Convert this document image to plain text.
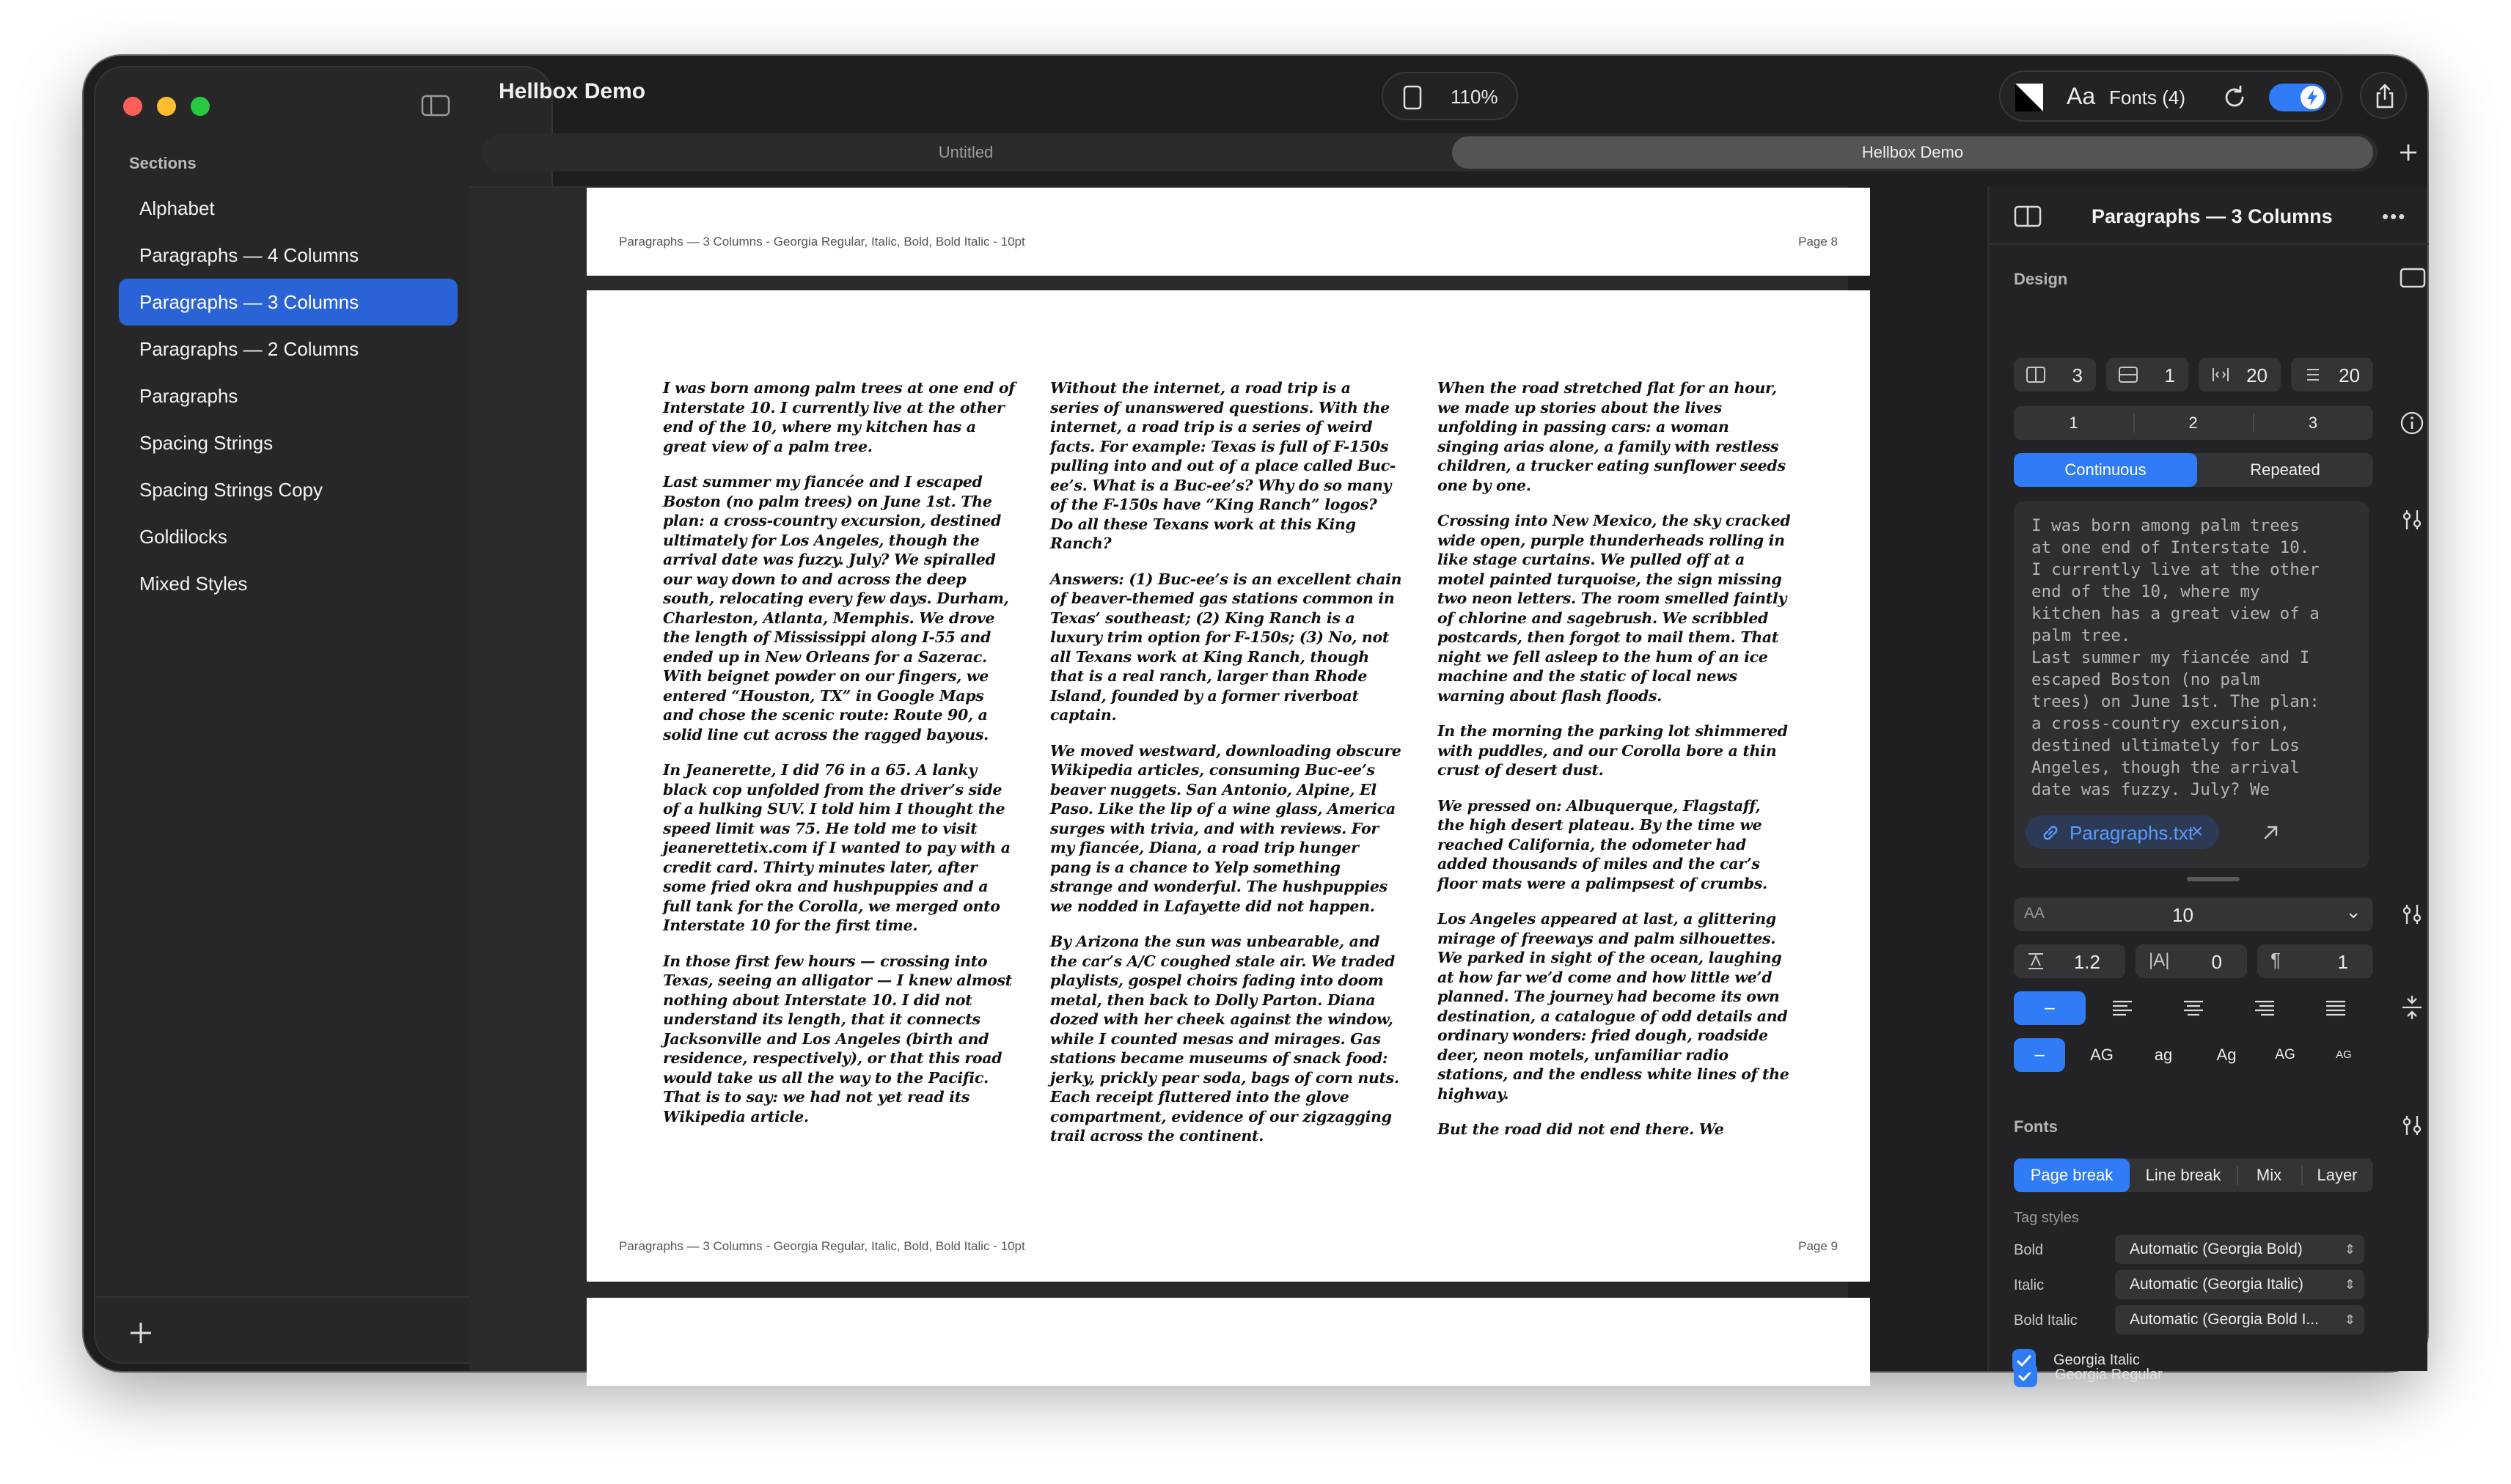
Sections
Alphabet
Paragraphs — 4 Columns
Paragraphs — 3 Columns
Paragraphs — 2 Columns
Paragraphs
Spacing Strings
Spacing Strings Copy
Goldilocks
Mixed Styles
Hellbox Demo	110%	Aa Fonts (4)
Untitled	Hellbox Demo
Paragraphs — 3 Columns - Georgia Regular, Italic, Bold, Bold Italic - 10pt	Page 8

I was born among palm trees at one end of Interstate 10. I currently live at the other end of the 10, where my kitchen has a great view of a palm tree.

Last summer my fiancée and I escaped Boston (no palm trees) on June 1st. The plan: a cross-country excursion, destined ultimately for Los Angeles, though the arrival date was fuzzy. July? We spiralled our way down to and across the deep south, relocating every few days. Durham, Charleston, Atlanta, Memphis. We drove the length of Mississippi along I-55 and ended up in New Orleans for a Sazerac. With beignet powder on our fingers, we entered “Houston, TX” in Google Maps and chose the scenic route: Route 90, a solid line cut across the ragged bayous.

In Jeanerette, I did 76 in a 65. A lanky black cop unfolded from the driver’s side of a hulking SUV. I told him I thought the speed limit was 75. He told me to visit jeanerettetix.com if I wanted to pay with a credit card. Thirty minutes later, after some fried okra and hushpuppies and a full tank for the Corolla, we merged onto Interstate 10 for the first time.

In those first few hours — crossing into Texas, seeing an alligator — I knew almost nothing about Interstate 10. I did not understand its length, that it connects Jacksonville and Los Angeles (birth and residence, respectively), or that this road would take us all the way to the Pacific. That is to say: we had not yet read its Wikipedia article.

Without the internet, a road trip is a series of unanswered questions. With the internet, a road trip is a series of weird facts. For example: Texas is full of F-150s pulling into and out of a place called Buc-ee’s. What is a Buc-ee’s? Why do so many of the F-150s have “King Ranch” logos? Do all these Texans work at this King Ranch?

Answers: (1) Buc-ee’s is an excellent chain of beaver-themed gas stations common in Texas’ southeast; (2) King Ranch is a luxury trim option for F-150s; (3) No, not all Texans work at King Ranch, though that is a real ranch, larger than Rhode Island, founded by a former riverboat captain.

We moved westward, downloading obscure Wikipedia articles, consuming Buc-ee’s beaver nuggets. San Antonio, Alpine, El Paso. Like the lip of a wine glass, America surges with trivia, and with reviews. For my fiancée, Diana, a road trip hunger pang is a chance to Yelp something strange and wonderful. The hushpuppies we nodded in Lafayette did not happen.

By Arizona the sun was unbearable, and the car’s A/C coughed stale air. We traded playlists, gospel choirs fading into doom metal, then back to Dolly Parton. Diana dozed with her cheek against the window, while I counted mesas and mirages. Gas stations became museums of snack food: jerky, prickly pear soda, bags of corn nuts. Each receipt fluttered into the glove compartment, evidence of our zigzagging trail across the continent.

When the road stretched flat for an hour, we made up stories about the lives unfolding in passing cars: a woman singing arias alone, a family with restless children, a trucker eating sunflower seeds one by one.

Crossing into New Mexico, the sky cracked wide open, purple thunderheads rolling in like stage curtains. We pulled off at a motel painted turquoise, the sign missing two neon letters. The room smelled faintly of chlorine and sagebrush. We scribbled postcards, then forgot to mail them. That night we fell asleep to the hum of an ice machine and the static of local news warning about flash floods.

In the morning the parking lot shimmered with puddles, and our Corolla bore a thin crust of desert dust.

We pressed on: Albuquerque, Flagstaff, the high desert plateau. By the time we reached California, the odometer had added thousands of miles and the car’s floor mats were a palimpsest of crumbs.

Los Angeles appeared at last, a glittering mirage of freeways and palm silhouettes. We parked in sight of the ocean, laughing at how far we’d come and how little we’d planned. The journey had become its own destination, a catalogue of odd details and ordinary wonders: fried dough, roadside deer, neon motels, unfamiliar radio stations, and the endless white lines of the highway.

But the road did not end there. We

Paragraphs — 3 Columns - Georgia Regular, Italic, Bold, Bold Italic - 10pt	Page 9
Paragraphs — 3 Columns	•••
Design
3	1	20	20
1	2	3
Continuous	Repeated
I was born among palm trees
at one end of Interstate 10.
I currently live at the other
end of the 10, where my
kitchen has a great view of a
palm tree.
Last summer my fiancée and I
escaped Boston (no palm
trees) on June 1st. The plan:
a cross-country excursion,
destined ultimately for Los
Angeles, though the arrival
date was fuzzy. July? We
Paragraphs.txt
×
AA	10	⌄
1.2	|A| 0	¶	1
–
–	AG	ag	Ag	AG	AG
Fonts
Page break	Line break	Mix	Layer
Tag styles
Bold	Automatic (Georgia Bold)	⇕
Italic	Automatic (Georgia Italic)	⇕
Bold Italic	Automatic (Georgia Bold I... ⇕
Georgia Regular
Georgia Italic
